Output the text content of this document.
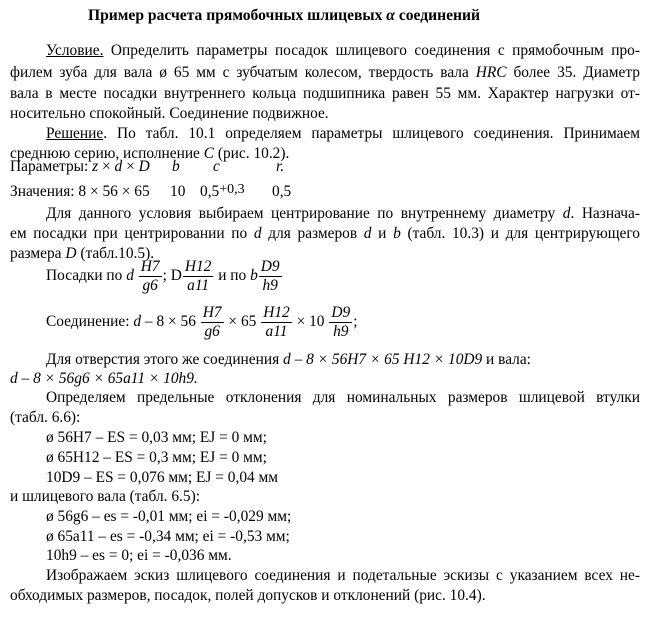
Пример расчета прямобочных шлицевых α соединений
Условие. Определить параметры посадок шлицевого соединения с прямобочным про-
филем зуба для вала ø 65 мм с зубчатым колесом, твердость вала HRC более 35. Диаметр
вала в месте посадки внутреннего кольца подшипника равен 55 мм. Характер нагрузки от-
носительно спокойный. Соединение подвижное.
Решение. По табл. 10.1 определяем параметры шлицевого соединения. Принимаем
среднюю серию, исполнение C (рис. 10.2).
Параметры: z × d × D b c	r.
Значения: 8 × 56 × 65 10 $0,5^{+0,3}$ 0,5
Для данного условия выбираем центрирование по внутреннему диаметру d. Назнача-
ем посадки при центрировании по d для размеров d и b (табл. 10.3) и для центрирующего
размера D (табл.10.5).
Посадки по d $\frac{H7}{g6}$ ; D $\frac{H12}{a11}$ и по b $\frac{D9}{h9}$
Соединение: $d - 8 \times 56 \frac{H7}{g6} \times 65 \frac{H12}{a11} \times 10 \frac{D9}{h9}$ ;
Для отверстия этого же соединения d – 8 × 56H7 × 65 H12 × 10D9 и вала:
d – 8 × 56g6 × 65a11 × 10h9.
Определяем предельные отклонения для номинальных размеров шлицевой втулки
(табл. 6.6):
ø 56H7 – ES = 0,03 мм; EJ = 0 мм;
ø 65H12 – ES = 0,3 мм; EJ = 0 мм;
10D9 – ES = 0,076 мм; EJ = 0,04 мм
и шлицевого вала (табл. 6.5):
ø 56g6 – es = -0,01 мм; ei = -0,029 мм;
ø 65a11 – es = -0,34 мм; ei = -0,53 мм;
10h9 – es = 0; ei = -0,036 мм.
Изображаем эскиз шлицевого соединения и подетальные эскизы с указанием всех не-
обходимых размеров, посадок, полей допусков и отклонений (рис. 10.4).
